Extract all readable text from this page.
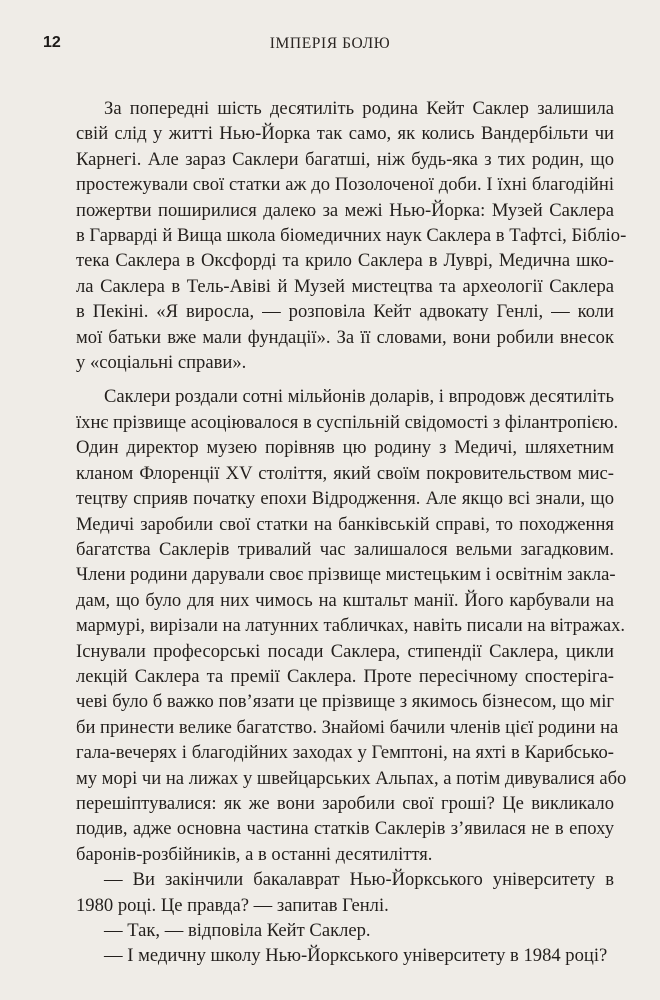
12	ІМПЕРІЯ БОЛЮ
За попередні шість десятиліть родина Кейт Саклер залишила
свій слід у житті Нью-Йорка так само, як колись Вандербільти чи
Карнегі. Але зараз Саклери багатші, ніж будь-яка з тих родин, що
простежували свої статки аж до Позолоченої доби. І їхні благодійні
пожертви поширилися далеко за межі Нью-Йорка: Музей Саклера
в Гарварді й Вища школа біомедичних наук Саклера в Тафтсі, Бібліо-
тека Саклера в Оксфорді та крило Саклера в Луврі, Медична шко-
ла Саклера в Тель-Авіві й Музей мистецтва та археології Саклера
в Пекіні. «Я виросла, — розповіла Кейт адвокату Генлі, — коли
мої батьки вже мали фундації». За її словами, вони робили внесок
у «соціальні справи».
Саклери роздали сотні мільйонів доларів, і впродовж десятиліть
їхнє прізвище асоціювалося в суспільній свідомості з філантропією.
Один директор музею порівняв цю родину з Медичі, шляхетним
кланом Флоренції XV століття, який своїм покровительством мис-
тецтву сприяв початку епохи Відродження. Але якщо всі знали, що
Медичі заробили свої статки на банківській справі, то походження
багатства Саклерів тривалий час залишалося вельми загадковим.
Члени родини дарували своє прізвище мистецьким і освітнім закла-
дам, що було для них чимось на кштальт манії. Його карбували на
мармурі, вирізали на латунних табличках, навіть писали на вітражах.
Існували професорські посади Саклера, стипендії Саклера, цикли
лекцій Саклера та премії Саклера. Проте пересічному спостеріга-
чеві було б важко пов’язати це прізвище з якимось бізнесом, що міг
би принести велике багатство. Знайомі бачили членів цієї родини на
гала-вечерях і благодійних заходах у Гемптоні, на яхті в Карибсько-
му морі чи на лижах у швейцарських Альпах, а потім дивувалися або
перешіптувалися: як же вони заробили свої гроші? Це викликало
подив, адже основна частина статків Саклерів з’явилася не в епоху
баронів-розбійників, а в останні десятиліття.
— Ви закінчили бакалаврат Нью-Йоркського університету в
1980 році. Це правда? — запитав Генлі.
— Так, — відповіла Кейт Саклер.
— І медичну школу Нью-Йоркського університету в 1984 році?
